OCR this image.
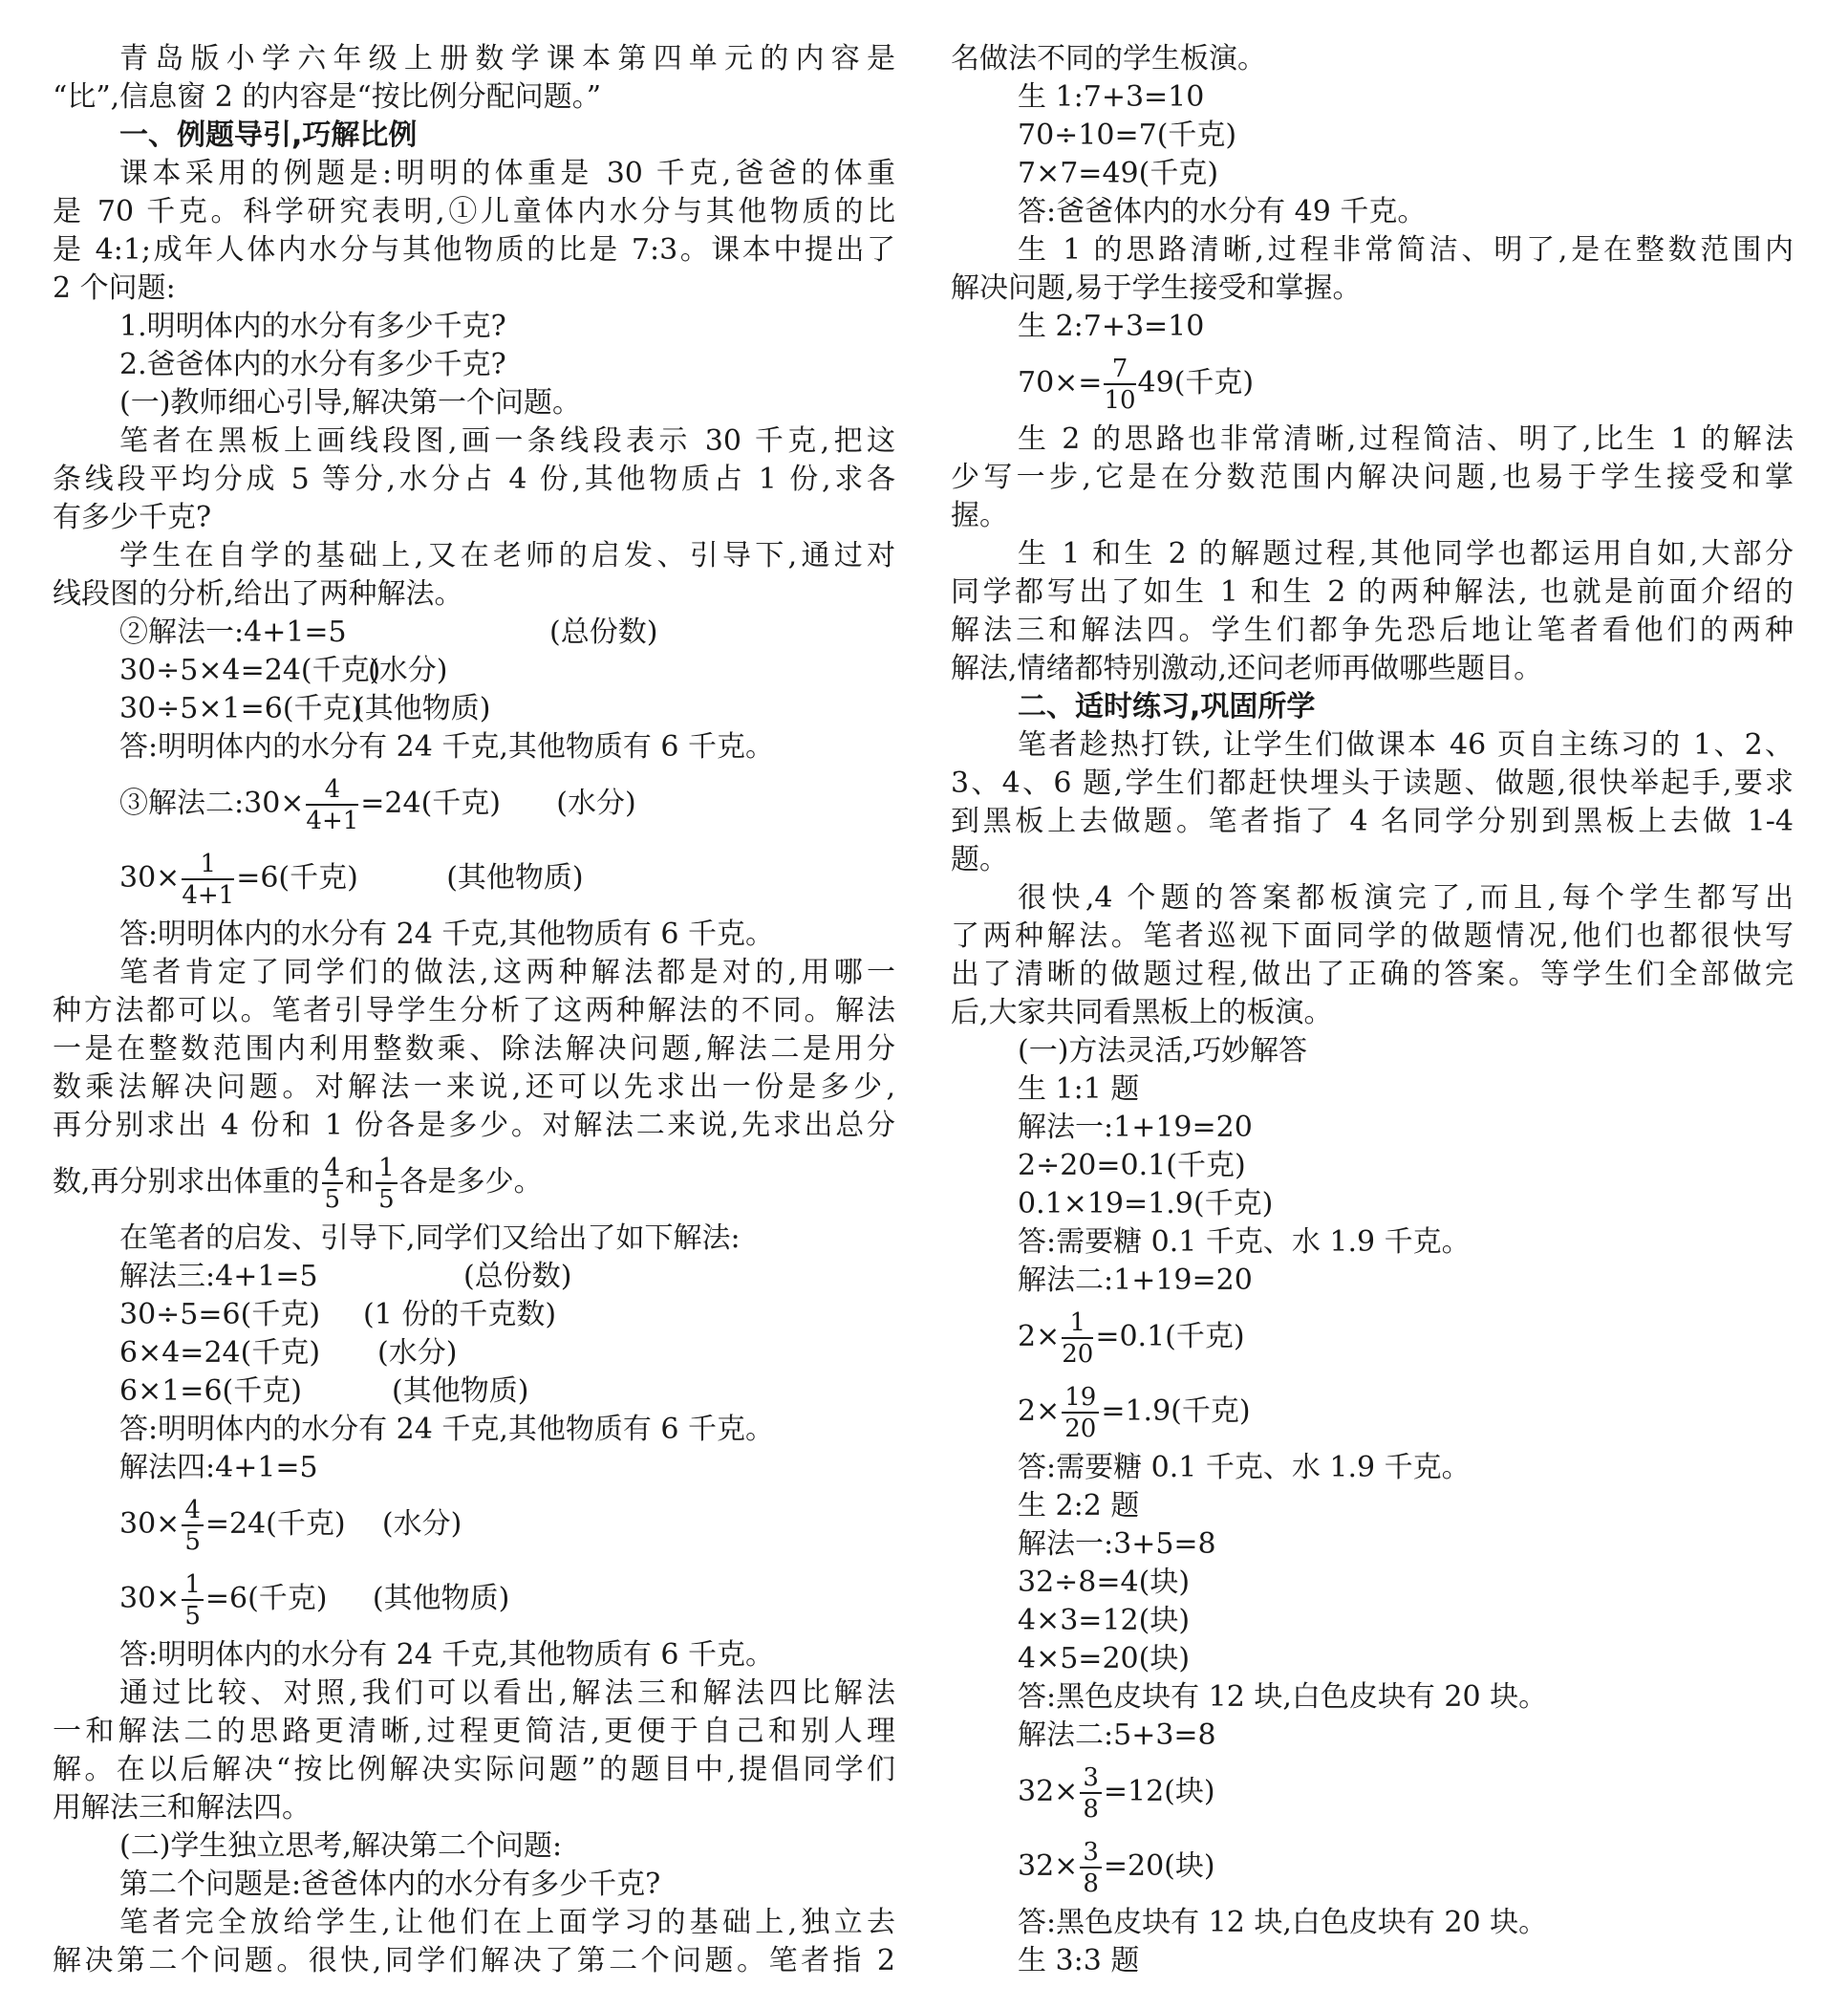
青岛版小学六年级上册数学课本第四单元的内容是
“比”,信息窗 2 的内容是“按比例分配问题。”
一、例题导引,巧解比例
课本采用的例题是:明明的体重是 30 千克,爸爸的体重
是 70 千克。科学研究表明,①儿童体内水分与其他物质的比
是 4:1;成年人体内水分与其他物质的比是 7:3。课本中提出了
2 个问题:
1.明明体内的水分有多少千克?
2.爸爸体内的水分有多少千克?
(一)教师细心引导,解决第一个问题。
笔者在黑板上画线段图,画一条线段表示 30 千克,把这
条线段平均分成 5 等分,水分占 4 份,其他物质占 1 份,求各
有多少千克?
学生在自学的基础上,又在老师的启发、引导下,通过对
线段图的分析,给出了两种解法。
②解法一:4+1=5	(总份数)
30÷5×4=24(千克)(水分)
30÷5×1=6(千克)(其他物质)
答:明明体内的水分有 24 千克,其他物质有 6 千克。
③解法二:30× $\frac{4}{4+1} =24$(千克) (水分)
$30\times \frac{1}{4+1} =6$(千克)	(其他物质)
答:明明体内的水分有 24 千克,其他物质有 6 千克。
笔者肯定了同学们的做法,这两种解法都是对的,用哪一
种方法都可以。笔者引导学生分析了这两种解法的不同。解法
一是在整数范围内利用整数乘、除法解决问题,解法二是用分
数乘法解决问题。对解法一来说,还可以先求出一份是多少,
再分别求出 4 份和 1 份各是多少。对解法二来说,先求出总分
数,再分别求出体重的 $\frac{4}{5}$ 和 $\frac{1}{5}$ 各是多少。
在笔者的启发、引导下,同学们又给出了如下解法:
解法三:4+1=5	(总份数)
30÷5=6(千克) (1 份的千克数)
6×4=24(千克) (水分)
6×1=6(千克)	(其他物质)
答:明明体内的水分有 24 千克,其他物质有 6 千克。
解法四:4+1=5
$30\times \frac{4}{5} =24$(千克) (水分)
$30\times \frac{1}{5} =6$(千克) (其他物质)
答:明明体内的水分有 24 千克,其他物质有 6 千克。
通过比较、对照,我们可以看出,解法三和解法四比解法
一和解法二的思路更清晰,过程更简洁,更便于自己和别人理
解。在以后解决“按比例解决实际问题”的题目中,提倡同学们
用解法三和解法四。
(二)学生独立思考,解决第二个问题:
第二个问题是:爸爸体内的水分有多少千克?
笔者完全放给学生,让他们在上面学习的基础上,独立去
解决第二个问题。很快,同学们解决了第二个问题。笔者指 2
名做法不同的学生板演。
生 1:7+3=10
70÷10=7(千克)
7×7=49(千克)
答:爸爸体内的水分有 49 千克。
生 1 的思路清晰,过程非常简洁、明了,是在整数范围内
解决问题,易于学生接受和掌握。
生 2:7+3=10
$70\times= \frac{7}{10} 49$(千克)
生 2 的思路也非常清晰,过程简洁、明了,比生 1 的解法
少写一步,它是在分数范围内解决问题,也易于学生接受和掌
握。
生 1 和生 2 的解题过程,其他同学也都运用自如,大部分
同学都写出了如生 1 和生 2 的两种解法, 也就是前面介绍的
解法三和解法四。学生们都争先恐后地让笔者看他们的两种
解法,情绪都特别激动,还问老师再做哪些题目。
二、适时练习,巩固所学
笔者趁热打铁, 让学生们做课本 46 页自主练习的 1、2、
3、4、6 题,学生们都赶快埋头于读题、做题,很快举起手,要求
到黑板上去做题。笔者指了 4 名同学分别到黑板上去做 1-4
题。
很快,4 个题的答案都板演完了,而且,每个学生都写出
了两种解法。笔者巡视下面同学的做题情况,他们也都很快写
出了清晰的做题过程,做出了正确的答案。等学生们全部做完
后,大家共同看黑板上的板演。
(一)方法灵活,巧妙解答
生 1:1 题
解法一:1+19=20
2÷20=0.1(千克)
0.1×19=1.9(千克)
答:需要糖 0.1 千克、水 1.9 千克。
解法二:1+19=20
$2\times \frac{1}{20} =0.1$(千克)
$2\times \frac{19}{20} =1.9$(千克)
答:需要糖 0.1 千克、水 1.9 千克。
生 2:2 题
解法一:3+5=8
32÷8=4(块)
4×3=12(块)
4×5=20(块)
答:黑色皮块有 12 块,白色皮块有 20 块。
解法二:5+3=8
$32\times \frac{3}{8} =12$(块)
$32\times \frac{3}{8} =20$(块)
答:黑色皮块有 12 块,白色皮块有 20 块。
生 3:3 题
